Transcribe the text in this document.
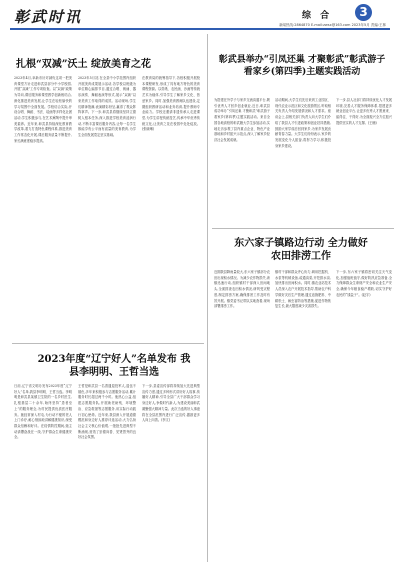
彰武时讯	综 合	3
新闻热线:2864870 E-mail:zwsx@163.com 2023年5月 责编:王林
扎根“双减”沃土 绽放美育之花
2023年4月,阜新市针对减负这项一把美育课堂方针走进彰武县部分中小学校园,开展“双减”工作专项检查。以“双减”政策为导向,课后服务和课堂教学创新相结合,深化推进美育发展,让学生在轻松愉快的学习氛围中全面发展。学校结合实际,开设合唱、舞蹈、书法、绘画等多样化社团活动,学生积极参与,在艺术熏陶中提升审美素养。近年来,彰武县持续深化教育教学改革,着力打造特色课程体系,推进美育工作常态化开展,课后服务质量不断提升,家长满意度稳步提高。
2023年5月初,在全县中小学范围内组织开展美育成果展示活动,各学校以班级为单位精心编排节目,通过合唱、朗诵、器乐演奏、舞蹈表演等形式,展示“双减”以来美育工作取得的成效。活动现场,学生们精神饱满,表演精彩纷呈,赢得了观众阵阵掌声。下一步,彰武县将继续坚持立德树人根本任务,深入推进学校美育浸润行动,不断丰富课后服务内容,让每一名学生都能享有公平而有质量的美育教育,为学生全面发展奠定坚实基础。
在教育局的统筹指导下,各校积极开展校本课程研发,形成了具有地方特色的美育课程资源。以剪纸、农民画、沙画等传统艺术为载体,引导学生了解家乡文化、热爱家乡。同时,加强美育教师队伍建设,定期组织教研活动和业务培训,提升教师专业能力。学校还邀请非遗传承人走进课堂,为学生讲授传统技艺,传承中华优秀传统文化,让美育之花在校园中处处绽放。(张晓琳)
2023年度“辽宁好人”名单发布 我县李明明、王哲当选
日前,辽宁省文明办发布2023年度“辽宁好人”名单,我县李明明、王哲当选。李明明是彰武县某镇卫生院的一名乡村医生,扎根基层二十余年,始终坚持“患者至上”的服务理念,为村民提供优质医疗服务。她经常深入村屯,为行动不便的老人上门诊疗,耐心细致地讲解健康知识,深受群众信赖和好评。在疫情防控期间,她主动请缨奋战在一线,守护群众生命健康安全。
王哲是彰武县一名普通退役军人,退伍不褪色,多年来积极参与志愿服务活动,累计服务时长超过两千小时。他热心公益,组建志愿服务队,开展助老助残、环境整治、应急救援等志愿服务,用实际行动践行初心使命。近年来,我县深入开展道德模范和身边好人推荐评选活动,大力弘扬社会主义核心价值观,一批批先进典型不断涌现,营造了崇德向善、见贤思齐的良好社会氛围。
下一步,县委宣传部将持续加大先进典型宣传力度,通过多种形式讲好好人故事,传播好人精神,引导全县广大干部群众学习身边好人,争做时代新人,为建设美丽彰武凝聚强大精神力量。此次当选的好人事迹将在全县范围内进行广泛宣传,激励更多人向上向善。(李文)
彰武县举办“引凤还巢 才聚彰武”彰武游子看家乡(第四季)主题实践活动
为搭建在外学子与家乡交流沟通平台,吸引优秀人才回乡创业就业,近日,彰武县成功举办“引凤还巢 才聚彰武”彰武游子看家乡(第四季)主题实践活动。来自全国各地高校的彰武籍大学生参加活动,实地走访参观了县内重点企业、特色产业基地和乡村振兴示范点,深入了解家乡经济社会发展成就。
活动期间,大学生们先后来到工业园区、现代农业示范区和文化旅游景区,听取相关负责人介绍发展情况和人才需求。座谈会上,县相关部门负责人向大学生们介绍了我县人才引进政策和创业扶持措施,鼓励大家学成后回到家乡,为家乡发展贡献青春力量。大学生们纷纷表示,家乡的发展变化令人振奋,将努力学习,积极投身家乡建设。
下一步,县人社部门将持续优化人才发展环境,完善人才服务保障体系,搭建更多就业创业平台,让更多优秀人才愿意来、留得住、干得好,为全面振兴全方位振兴提供坚实的人才支撑。(王楠)
东六家子镇路边行动 全力做好农田排涝工作
近期我县降雨量较大,东六家子镇部分农田出现积水情况。为减少农作物损失,该镇迅速行动,组织镇村干部深入田间地头,全面排查农田积水情况,研判受灾程度,制定排涝方案,确保排涝工作及时有效开展。镇党委书记带队实地查看,现场部署排涝工作。
镇村干部和群众齐心协力,调用挖掘机、水泵等机械设备,疏通沟渠,开挖排水沟,加快排出田间积水。同时,镇农业站技术人员深入农户开展技术指导,帮助农户科学做好灾后生产管理,通过追施肥料、中耕松土、病虫害防治等措施,促进作物恢复生长,最大限度减少灾害损失。
下一步,东六家子镇将密切关注天气变化,加强值班值守,做好防汛应急准备,全力保障群众生命财产安全和农业生产安全,确保今年粮食稳产增收,切实守护好农民的“钱袋子”。(赵宇)
